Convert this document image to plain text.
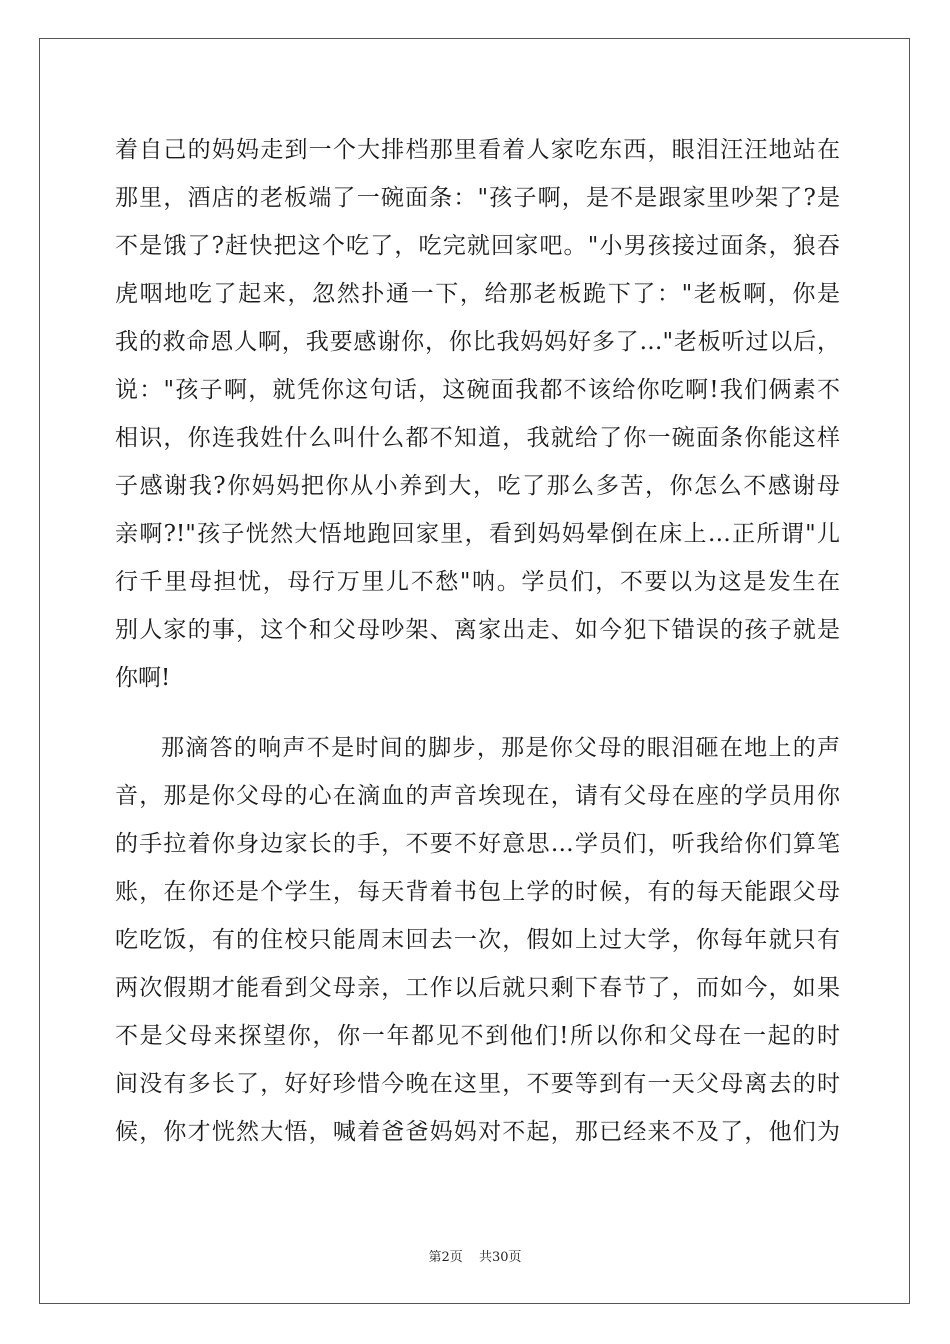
着自己的妈妈走到一个大排档那里看着人家吃东西，眼泪汪汪地站在
那里，酒店的老板端了一碗面条："孩子啊，是不是跟家里吵架了?是
不是饿了?赶快把这个吃了，吃完就回家吧。"小男孩接过面条，狼吞
虎咽地吃了起来，忽然扑通一下，给那老板跪下了："老板啊，你是
我的救命恩人啊，我要感谢你，你比我妈妈好多了…"老板听过以后，
说："孩子啊，就凭你这句话，这碗面我都不该给你吃啊!我们俩素不
相识，你连我姓什么叫什么都不知道，我就给了你一碗面条你能这样
子感谢我?你妈妈把你从小养到大，吃了那么多苦，你怎么不感谢母
亲啊?!"孩子恍然大悟地跑回家里，看到妈妈晕倒在床上…正所谓"儿
行千里母担忧，母行万里儿不愁"呐。学员们，不要以为这是发生在
别人家的事，这个和父母吵架、离家出走、如今犯下错误的孩子就是
你啊!
那滴答的响声不是时间的脚步，那是你父母的眼泪砸在地上的声
音，那是你父母的心在滴血的声音埃现在，请有父母在座的学员用你
的手拉着你身边家长的手，不要不好意思…学员们，听我给你们算笔
账，在你还是个学生，每天背着书包上学的时候，有的每天能跟父母
吃吃饭，有的住校只能周末回去一次，假如上过大学，你每年就只有
两次假期才能看到父母亲，工作以后就只剩下春节了，而如今，如果
不是父母来探望你，你一年都见不到他们!所以你和父母在一起的时
间没有多长了，好好珍惜今晚在这里，不要等到有一天父母离去的时
候，你才恍然大悟，喊着爸爸妈妈对不起，那已经来不及了，他们为
第2页 共30页
